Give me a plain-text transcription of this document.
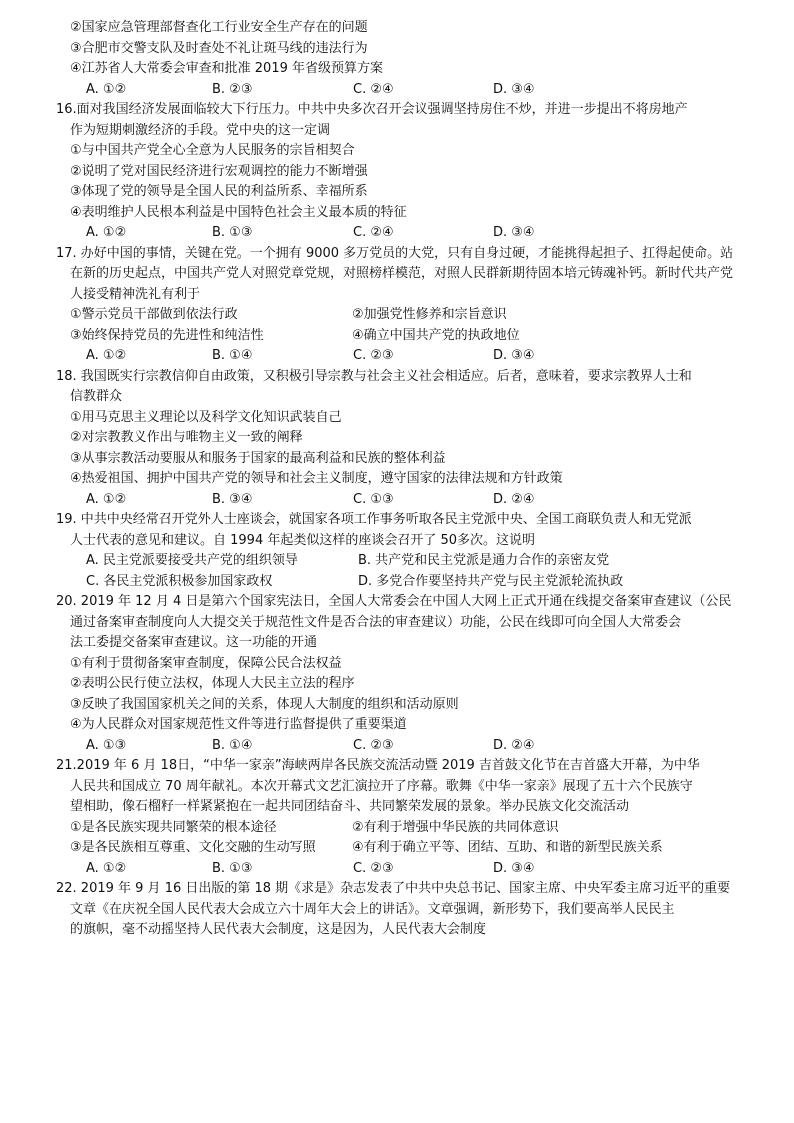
②国家应急管理部督查化工行业安全生产存在的问题
③合肥市交警支队及时查处不礼让斑马线的违法行为
④江苏省人大常委会审查和批准 2019 年省级预算方案
A. ①②	B. ②③	C. ②④	D. ③④
16.面对我国经济发展面临较大下行压力。中共中央多次召开会议强调坚持房住不炒，并进一步提出不将房地产
作为短期刺激经济的手段。党中央的这一定调
①与中国共产党全心全意为人民服务的宗旨相契合
②说明了党对国民经济进行宏观调控的能力不断增强
③体现了党的领导是全国人民的利益所系、幸福所系
④表明维护人民根本利益是中国特色社会主义最本质的特征
A. ①②	B. ①③	C. ②④	D. ③④
17. 办好中国的事情，关键在党。一个拥有 9000 多万党员的大党，只有自身过硬，才能挑得起担子、扛得起使命。站
在新的历史起点，中国共产党人对照党章党规，对照榜样模范，对照人民群新期待固本培元铸魂补钙。新时代共产党
人接受精神洗礼有利于
①警示党员干部做到依法行政	②加强党性修养和宗旨意识
③始终保持党员的先进性和纯洁性	④确立中国共产党的执政地位
A. ①②	B. ①④	C. ②③	D. ③④
18. 我国既实行宗教信仰自由政策，又积极引导宗教与社会主义社会相适应。后者，意味着，要求宗教界人士和
信教群众
①用马克思主义理论以及科学文化知识武装自己
②对宗教教义作出与唯物主义一致的阐释
③从事宗教活动要服从和服务于国家的最高利益和民族的整体利益
④热爱祖国、拥护中国共产党的领导和社会主义制度，遵守国家的法律法规和方针政策
A. ①②	B. ③④	C. ①③	D. ②④
19. 中共中央经常召开党外人士座谈会，就国家各项工作事务听取各民主党派中央、全国工商联负责人和无党派
人士代表的意见和建议。自 1994 年起类似这样的座谈会召开了 50多次。这说明
A. 民主党派要接受共产党的组织领导	B. 共产党和民主党派是通力合作的亲密友党
C. 各民主党派积极参加国家政权	D. 多党合作要坚持共产党与民主党派轮流执政
20. 2019 年 12 月 4 日是第六个国家宪法日，全国人大常委会在中国人大网上正式开通在线提交备案审查建议（公民
通过备案审查制度向人大提交关于规范性文件是否合法的审查建议）功能，公民在线即可向全国人大常委会
法工委提交备案审查建议。这一功能的开通
①有利于贯彻备案审查制度，保障公民合法权益
②表明公民行使立法权，体现人大民主立法的程序
③反映了我国国家机关之间的关系，体现人大制度的组织和活动原则
④为人民群众对国家规范性文件等进行监督提供了重要渠道
A. ①③	B. ①④	C. ②③	D. ②④
21.2019 年 6 月 18日，“中华一家亲”海峡两岸各民族交流活动暨 2019 吉首鼓文化节在吉首盛大开幕，为中华
人民共和国成立 70 周年献礼。本次开幕式文艺汇演拉开了序幕。歌舞《中华一家亲》展现了五十六个民族守
望相助，像石榴籽一样紧紧抱在一起共同团结奋斗、共同繁荣发展的景象。举办民族文化交流活动
①是各民族实现共同繁荣的根本途径	②有利于增强中华民族的共同体意识
③是各民族相互尊重、文化交融的生动写照	④有利于确立平等、团结、互助、和谐的新型民族关系
A. ①②	B. ①③	C. ②③	D. ③④
22. 2019 年 9 月 16 日出版的第 18 期《求是》杂志发表了中共中央总书记、国家主席、中央军委主席习近平的重要
文章《在庆祝全国人民代表大会成立六十周年大会上的讲话》。文章强调，新形势下，我们要高举人民民主
的旗帜，毫不动摇坚持人民代表大会制度，这是因为，人民代表大会制度
